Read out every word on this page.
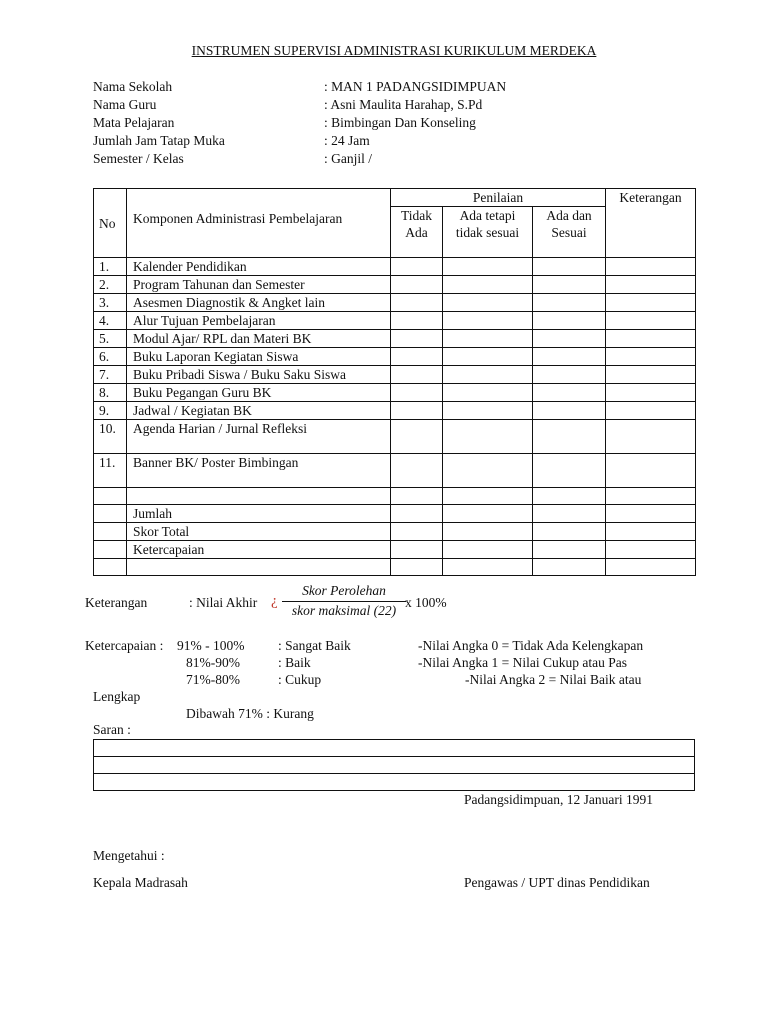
INSTRUMEN SUPERVISI ADMINISTRASI KURIKULUM MERDEKA
Nama Sekolah	: MAN 1 PADANGSIDIMPUAN
Nama Guru	: Asni Maulita Harahap, S.Pd
Mata Pelajaran	: Bimbingan Dan Konseling
Jumlah Jam Tatap Muka	: 24 Jam
Semester / Kelas	: Ganjil /
No	Komponen Administrasi Pembelajaran	Penilaian			Keterangan
		Tidak Ada	Ada tetapi tidak sesuai	Ada dan Sesuai	
1.	Kalender Pendidikan				
2.	Program Tahunan dan Semester				
3.	Asesmen Diagnostik & Angket lain				
4.	Alur Tujuan Pembelajaran				
5.	Modul Ajar/ RPL dan Materi BK				
6.	Buku Laporan Kegiatan Siswa				
7.	Buku Pribadi Siswa / Buku Saku Siswa				
8.	Buku Pegangan Guru BK				
9.	Jadwal / Kegiatan BK				
10.	Agenda Harian / Jurnal Refleksi				
11.	Banner BK/ Poster Bimbingan				

	Jumlah				
	Skor Total				
	Ketercapaian				

Keterangan	: Nilai Akhir ¿
Skor Perolehan
skor maksimal (22)
x 100%
Ketercapaian : 91% - 100% : Sangat Baik
81%-90%	: Baik
71%-80%	: Cukup
-Nilai Angka 0 = Tidak Ada Kelengkapan
-Nilai Angka 1 = Nilai Cukup atau Pas
-Nilai Angka 2 = Nilai Baik atau
Lengkap
Dibawah 71% : Kurang
Saran :

Padangsidimpuan, 12 Januari 1991
Mengetahui :
Kepala Madrasah	Pengawas / UPT dinas Pendidikan
